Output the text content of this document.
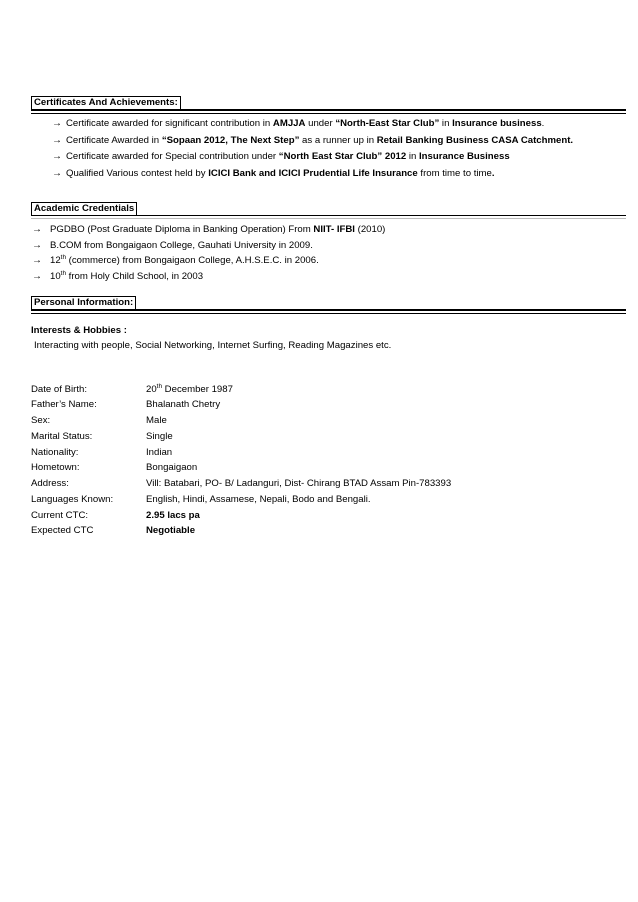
Certificates And Achievements:
→ Certificate awarded for significant contribution in AMJJA under “North-East Star Club” in Insurance business.
→ Certificate Awarded in “Sopaan 2012, The Next Step” as a runner up in Retail Banking Business CASA Catchment.
→ Certificate awarded for Special contribution under “North East Star Club” 2012 in Insurance Business
→ Qualified Various contest held by ICICI Bank and ICICI Prudential Life Insurance from time to time.
Academic Credentials
→ PGDBO (Post Graduate Diploma in Banking Operation) From NIIT- IFBI (2010)
→ B.COM from Bongaigaon College, Gauhati University in 2009.
→ 12th (commerce) from Bongaigaon College, A.H.S.E.C. in 2006.
→ 10th from Holy Child School, in 2003
Personal Information:
Interests & Hobbies :
Interacting with people, Social Networking, Internet Surfing, Reading Magazines etc.
Date of Birth:	20th December 1987
Father’s Name:	Bhalanath Chetry
Sex:	Male
Marital Status:	Single
Nationality:	Indian
Hometown:	Bongaigaon
Address:	Vill: Batabari, PO- B/ Ladanguri, Dist- Chirang BTAD Assam Pin-783393
Languages Known:	English, Hindi, Assamese, Nepali, Bodo and Bengali.
Current CTC:	2.95 lacs pa
Expected CTC	Negotiable
